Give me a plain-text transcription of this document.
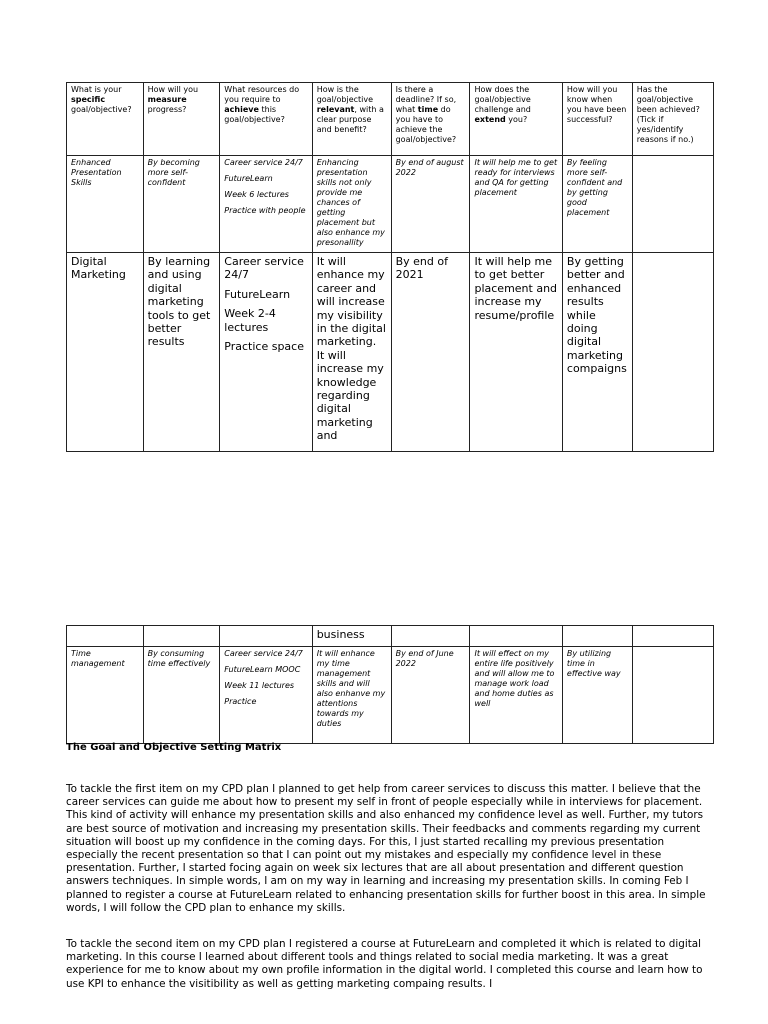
What is your specific goal/objective?	How will you measure progress?	What resources do you require to achieve this goal/objective?	How is the goal/objective relevant, with a clear purpose and benefit?	Is there a deadline? If so, what time do you have to achieve the goal/objective?	How does the goal/objective challenge and extend you?	How will you know when you have been successful?	Has the goal/objective been achieved? (Tick if yes/identify reasons if no.)
Enhanced Presentation Skills	By becoming more self-confident	Career service 24/7

FutureLearn

Week 6 lectures

Practice with people	Enhancing presentation skills not only provide me chances of getting placement but also enhance my presonallity	By end of august 2022	It will help me to get ready for interviews and QA for getting placement	By feeling more self-confident and by getting good placement	
Digital Marketing	By learning and using digital marketing tools to get better results	Career service 24/7

FutureLearn

Week 2-4 lectures

Practice space	It will enhance my career and will increase my visibility in the digital marketing. It will increase my knowledge regarding digital marketing and	By end of 2021	It will help me to get better placement and increase my resume/profile	By getting better and enhanced results while doing digital marketing compaigns	
			business				
Time management	By consuming time effectively	Career service 24/7

FutureLearn MOOC

Week 11 lectures

Practice	It will enhance my time management skills and will also enhanve my attentions towards my duties	By end of June 2022	It will effect on my entire life positively and will allow me to manage work load and home duties as well	By utilizing time in effective way	

The Goal and Objective Setting Matrix

To tackle the first item on my CPD plan I planned to get help from career services to discuss this matter. I believe that the career services can guide me about how to present my self in front of people especially while in interviews for placement. This kind of activity will enhance my presentation skills and also enhanced my confidence level as well. Further, my tutors are best source of motivation and increasing my presentation skills. Their feedbacks and comments regarding my current situation will boost up my confidence in the coming days. For this, I just started recalling my previous presentation especially the recent presentation so that I can point out my mistakes and especially my confidence level in these presentation. Further, I started focing again on week six lectures that are all about presentation and different question answers techniques. In simple words, I am on my way in learning and increasing my presentation skills. In coming Feb I planned to register a course at FutureLearn related to enhancing presentation skills for further boost in this area. In simple words, I will follow the CPD plan to enhance my skills.

To tackle the second item on my CPD plan I registered a course at FutureLearn and completed it which is related to digital marketing. In this course I learned about different tools and things related to social media marketing. It was a great experience for me to know about my own profile information in the digital world. I completed this course and learn how to use KPI to enhance the visitibility as well as getting marketing compaing results. I
